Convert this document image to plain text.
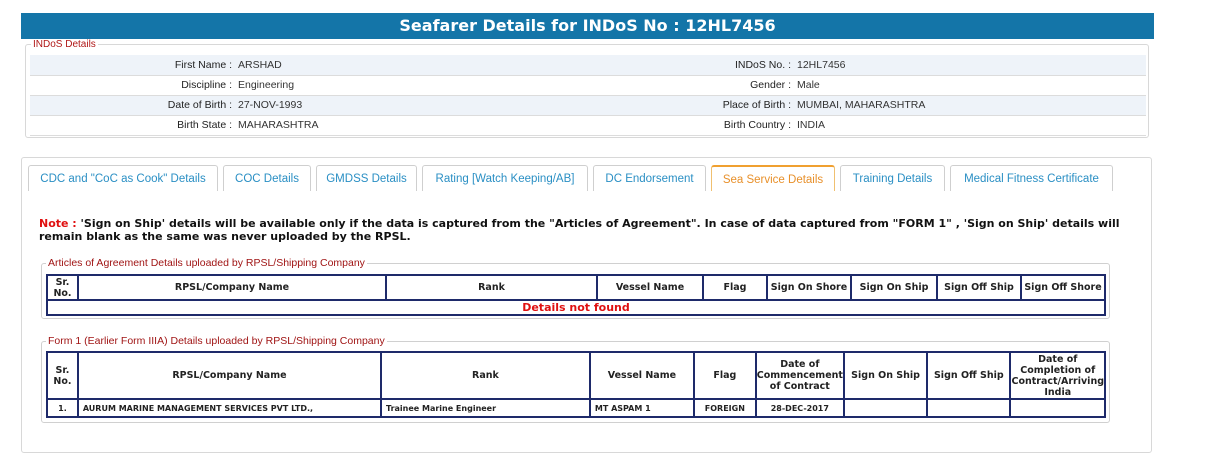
Seafarer Details for INDoS No : 12HL7456
INDoS Details
First Name :	ARSHAD	INDoS No. :	12HL7456
Discipline :	Engineering	Gender :	Male
Date of Birth :	27-NOV-1993	Place of Birth :	MUMBAI, MAHARASHTRA
Birth State :	MAHARASHTRA	Birth Country :	INDIA
CDC and "CoC as Cook" Details	COC Details	GMDSS Details	Rating [Watch Keeping/AB]	DC Endorsement	Sea Service Details	Training Details	Medical Fitness Certificate
Note : 'Sign on Ship' details will be available only if the data is captured from the "Articles of Agreement". In case of data captured from "FORM 1" , 'Sign on Ship' details will remain blank as the same was never uploaded by the RPSL.
Articles of Agreement Details uploaded by RPSL/Shipping Company
Sr. No.	RPSL/Company Name	Rank	Vessel Name	Flag	Sign On Shore	Sign On Ship	Sign Off Ship	Sign Off Shore
Details not found
Form 1 (Earlier Form IIIA) Details uploaded by RPSL/Shipping Company
Sr. No.	RPSL/Company Name	Rank	Vessel Name	Flag	Date of Commencement of Contract	Sign On Ship	Sign Off Ship	Date of Completion of Contract/Arriving India
1.	AURUM MARINE MANAGEMENT SERVICES PVT LTD.,	Trainee Marine Engineer	MT ASPAM 1	FOREIGN	28-DEC-2017			
